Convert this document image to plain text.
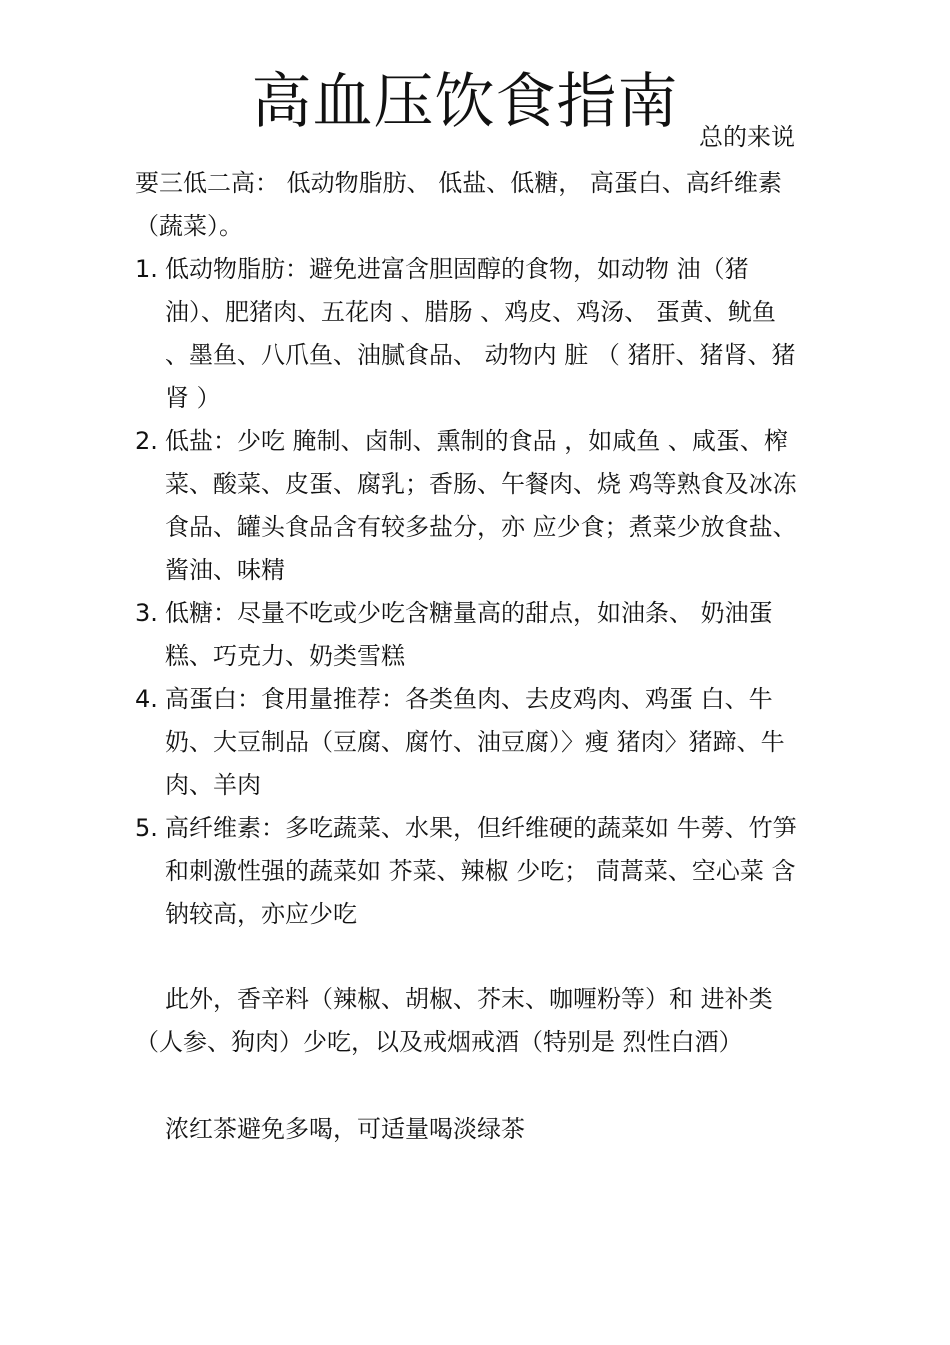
高血压饮食指南 总的来说
要三低二高： 低动物脂肪、 低盐、低糖， 高蛋白、高纤维素 （蔬菜）。
1. 低动物脂肪：避免进富含胆固醇的食物，如动物 油（猪油）、肥猪肉、五花肉 、腊肠 、鸡皮、鸡汤、 蛋黄、鱿鱼 、墨鱼、八爪鱼、油腻食品、 动物内 脏 （ 猪肝、猪肾、猪肾 ）
2. 低盐：少吃 腌制、卤制、熏制的食品 ，如咸鱼 、咸蛋、榨菜、酸菜、皮蛋、腐乳；香肠、午餐肉、烧 鸡等熟食及冰冻食品、罐头食品含有较多盐分，亦 应少食；煮菜少放食盐、酱油、味精
3. 低糖：尽量不吃或少吃含糖量高的甜点，如油条、 奶油蛋糕、巧克力、奶类雪糕
4. 高蛋白：食用量推荐：各类鱼肉、去皮鸡肉、鸡蛋 白、牛奶、大豆制品（豆腐、腐竹、油豆腐）〉瘦 猪肉〉猪蹄、牛肉、羊肉
5. 高纤维素：多吃蔬菜、水果，但纤维硬的蔬菜如 牛蒡、竹笋 和刺激性强的蔬菜如 芥菜、辣椒 少吃； 茼蒿菜、空心菜 含钠较高，亦应少吃
此外，香辛料（辣椒、胡椒、芥末、咖喱粉等）和 进补类（人参、狗肉）少吃，以及戒烟戒酒（特别是 烈性白酒）
浓红茶避免多喝，可适量喝淡绿茶
